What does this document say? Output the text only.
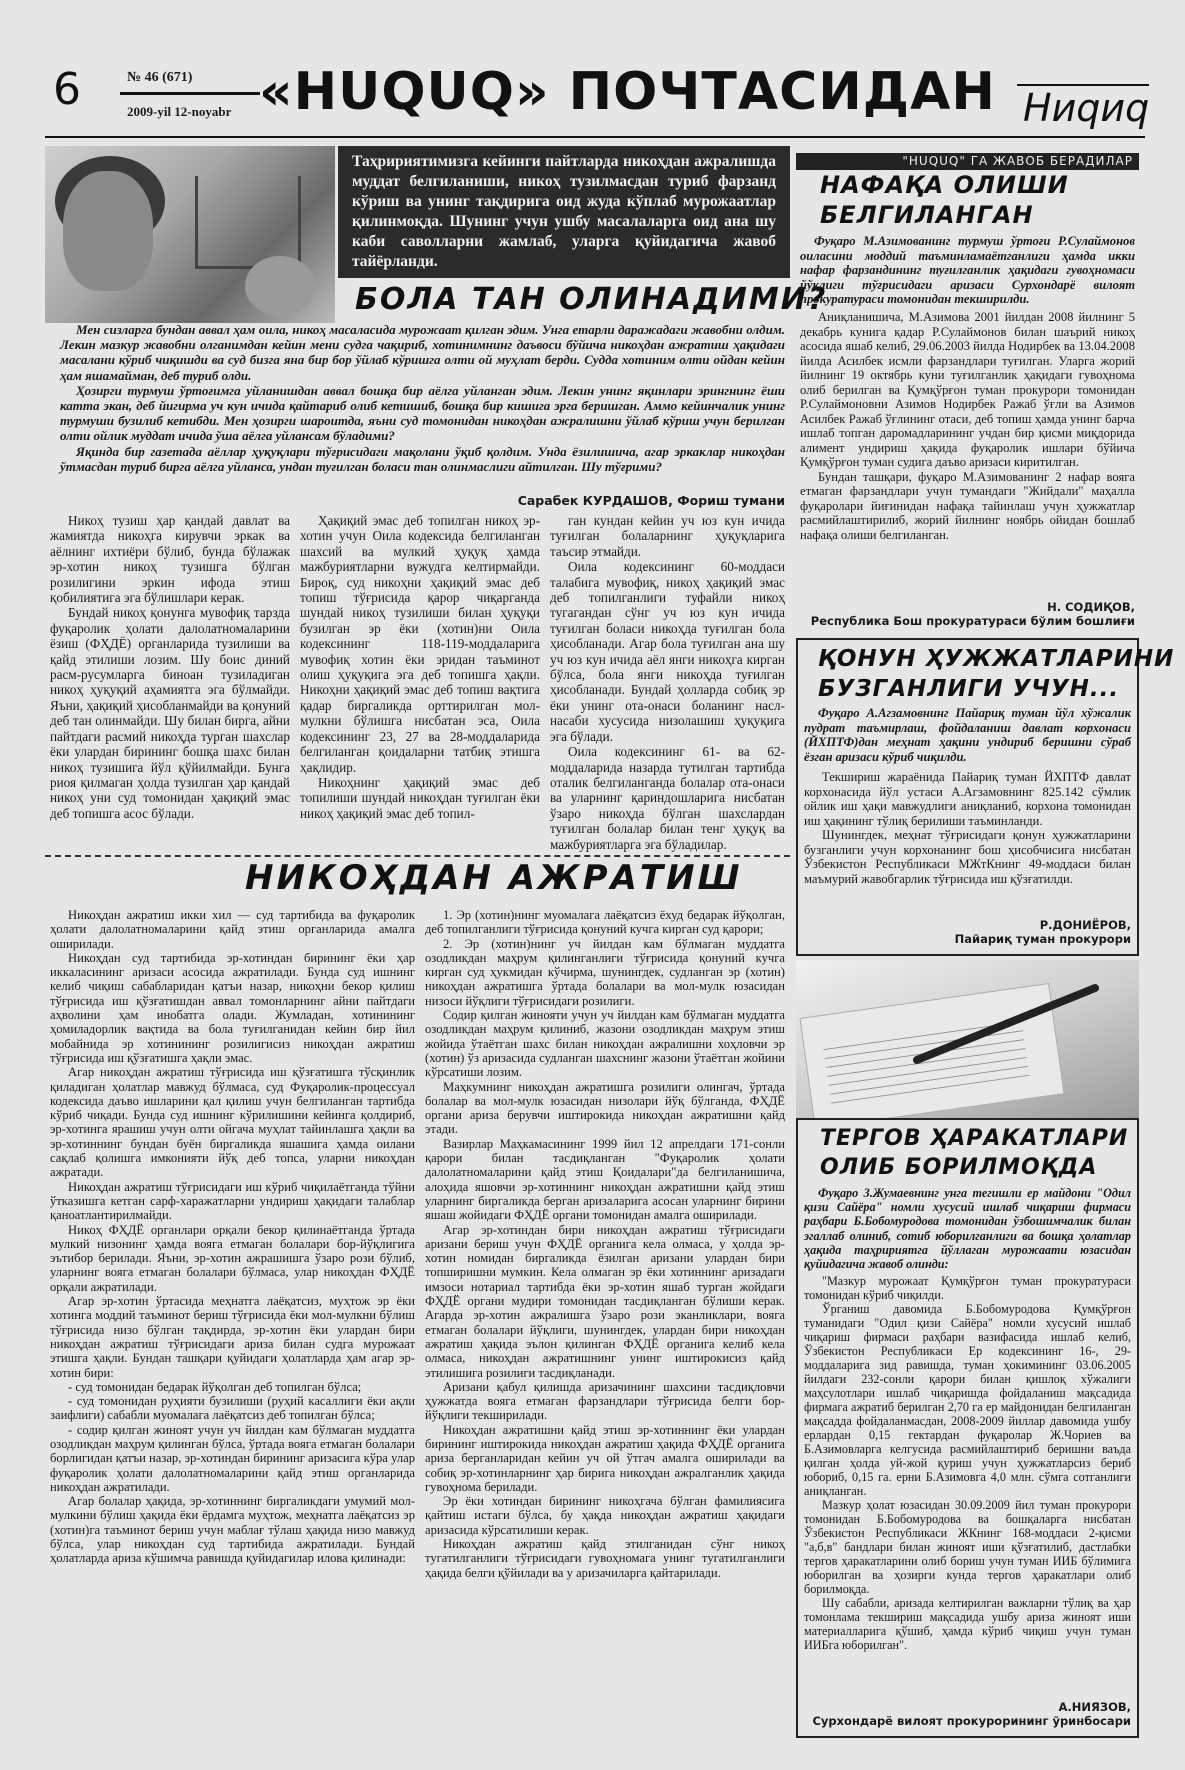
6	№ 46 (671)
2009-yil 12-noyabr «HUQUQ» ПОЧТАСИДАН Ниqиq
Таҳририятимизга кейинги пайтларда никоҳдан ажралишда муддат белгиланиши, никоҳ тузилмасдан туриб фарзанд кўриш ва унинг тақдирига оид жуда кўплаб мурожаатлар қилинмоқда. Шунинг учун ушбу масалаларга оид ана шу каби саволларни жамлаб, уларга қуйидагича жавоб тайёрланди.
БОЛА ТАН ОЛИНАДИМИ?

Мен сизларга бундан аввал ҳам оила, никоҳ масаласида мурожаат қилган эдим. Унга етарли даражадаги жавобни олдим. Лекин мазкур жавобни олганимдан кейин мени судга чақириб, хотинимнинг даъвоси бўйича никоҳдан ажратиш ҳақидаги масалани кўриб чиқишди ва суд бизга яна бир бор ўйлаб кўришга олти ой муҳлат берди. Судда хотиним олти ойдан кейин ҳам яшамайман, деб туриб олди.

Ҳозирги турмуш ўртоғимга уйланишдан аввал бошқа бир аёлга уйланган эдим. Лекин унинг яқинлари эрингнинг ёши катта экан, деб йигирма уч кун ичида қайтариб олиб кетишиб, бошқа бир кишига эрга беришган. Аммо кейинчалик унинг турмуши бузилиб кетибди. Мен ҳозирги шароитда, яъни суд томонидан никоҳдан ажралишни ўйлаб кўриш учун берилган олти ойлик муддат ичида ўша аёлга уйлансам бўладими?

Яқинда бир газетада аёллар ҳуқуқлари тўғрисидаги мақолани ўқиб қолдим. Унда ёзилишича, агар эркаклар никоҳдан ўтмасдан туриб бирга аёлга уйланса, ундан туғилган боласи тан олинмаслиги айтилган. Шу тўғрими?

Сарабек КУРДАШОВ, Фориш тумани

Никоҳ тузиш ҳар қандай давлат ва жамиятда никоҳга кирувчи эркак ва аёлнинг ихтиёри бўлиб, бунда бўлажак эр-хотин никоҳ тузишга бўлган розилигини эркин ифода этиш қобилиятига эга бўлишлари керак.

Бундай никоҳ қонунга мувофиқ тарзда фуқаролик ҳолати далолатномаларини ёзиш (ФҲДЁ) органларида тузилиши ва қайд этилиши лозим. Шу боис диний расм-русумларга биноан тузиладиган никоҳ ҳуқуқий аҳамиятга эга бўлмайди. Яъни, ҳақиқий ҳисобланмайди ва қонуний деб тан олинмайди. Шу билан бирга, айни пайтдаги расмий никоҳда турган шахслар ёки улардан бирининг бошқа шахс билан никоҳ тузишига йўл қўйилмайди. Бунга риоя қилмаган ҳолда тузилган ҳар қандай никоҳ уни суд томонидан ҳақиқий эмас деб топишга асос бўлади.

Ҳақиқий эмас деб топилган никоҳ эр-хотин учун Оила кодексида белгиланган шахсий ва мулкий ҳуқуқ ҳамда мажбуриятларни вужудга келтирмайди. Бироқ, суд никоҳни ҳақиқий эмас деб топиш тўғрисида қарор чиқарганда шундай никоҳ тузилиши билан ҳуқуқи бузилган эр ёки (хотин)ни Оила кодексининг 118-119-моддаларига мувофиқ хотин ёки эридан таъминот олиш ҳуқуқига эга деб топишга ҳақли. Никоҳни ҳақиқий эмас деб топиш вақтига қадар биргаликда орттирилган мол-мулкни бўлишга нисбатан эса, Оила кодексининг 23, 27 ва 28-моддаларида белгиланган қоидаларни татбиқ этишга ҳақлидир.

Никоҳнинг ҳақиқий эмас деб топилиши шундай никоҳдан туғилган ёки никоҳ ҳақиқий эмас деб топил-

ган кундан кейин уч юз кун ичида туғилган болаларнинг ҳуқуқларига таъсир этмайди.

Оила кодексининг 60-моддаси талабига мувофиқ, никоҳ ҳақиқий эмас деб топилганлиги туфайли никоҳ тугагандан сўнг уч юз кун ичида туғилган боласи никоҳда туғилган бола ҳисобланади. Агар бола туғилган ана шу уч юз кун ичида аёл янги никоҳга кирган бўлса, бола янги никоҳда туғилган ҳисобланади. Бундай ҳолларда собиқ эр ёки унинг ота-онаси боланинг насл-насаби хусусида низолашиш ҳуқуқига эга бўлади.

Оила кодексининг 61- ва 62-моддаларида назарда тутилган тартибда оталик белгиланганда болалар ота-онаси ва уларнинг қариндошларига нисбатан ўзаро никоҳда бўлган шахслардан туғилган болалар билан тенг ҳуқуқ ва мажбуриятларга эга бўладилар.

НИКОҲДАН АЖРАТИШ

Никоҳдан ажратиш икки хил — суд тартибида ва фуқаролик ҳолати далолатномаларини қайд этиш органларида амалга оширилади.

Никоҳдан суд тартибида эр-хотиндан бирининг ёки ҳар иккаласининг аризаси асосида ажратилади. Бунда суд ишнинг келиб чиқиш сабабларидан қатъи назар, никоҳни бекор қилиш тўғрисида иш қўзғатишдан аввал томонларнинг айни пайтдаги аҳволини ҳам инобатга олади. Жумладан, хотинининг ҳомиладорлик вақтида ва бола туғилганидан кейин бир йил мобайнида эр хотинининг розилигисиз никоҳдан ажратиш тўғрисида иш қўзғатишга ҳақли эмас.

Агар никоҳдан ажратиш тўғрисида иш қўзғатишга тўсқинлик қиладиган ҳолатлар мавжуд бўлмаса, суд Фуқаролик-процессуал кодексида даъво ишларини қал қилиш учун белгиланган тартибда кўриб чиқади. Бунда суд ишнинг кўрилишини кейинга қолдириб, эр-хотинга ярашиш учун олти ойгача муҳлат тайинлашга ҳақли ва эр-хотиннинг бундан буён биргаликда яшашига ҳамда оилани сақлаб қолишга имконияти йўқ деб топса, уларни никоҳдан ажратади.

Никоҳдан ажратиш тўғрисидаги иш кўриб чиқилаётганда тўйни ўтказишга кетган сарф-харажатларни ундириш ҳақидаги талаблар қаноатлантирилмайди.

Никоҳ ФҲДЁ органлари орқали бекор қилинаётганда ўртада мулкий низонинг ҳамда вояга етмаган болалари бор-йўқлигига эътибор берилади. Яъни, эр-хотин ажрашишга ўзаро рози бўлиб, уларнинг вояга етмаган болалари бўлмаса, улар никоҳдан ФҲДЁ орқали ажратилади.

Агар эр-хотин ўртасида меҳнатга лаёқатсиз, муҳтож эр ёки хотинга моддий таъминот бериш тўғрисида ёки мол-мулкни бўлиш тўғрисида низо бўлган тақдирда, эр-хотин ёки улардан бири никоҳдан ажратиш тўғрисидаги ариза билан судга мурожаат этишга ҳақли. Бундан ташқари қуйидаги ҳолатларда ҳам агар эр-хотин бири:

- суд томонидан бедарак йўқолган деб топилган бўлса;

- суд томонидан руҳияти бузилиши (руҳий касаллиги ёки ақли заифлиги) сабабли муомалага лаёқатсиз деб топилган бўлса;

- содир қилган жиноят учун уч йилдан кам бўлмаган муддатга озодликдан маҳрум қилинган бўлса, ўртада вояга етмаган болалари борлигидан қатъи назар, эр-хотиндан бирининг аризасига кўра улар фуқаролик ҳолати далолатномаларини қайд этиш органларида никоҳдан ажратилади.

Агар болалар ҳақида, эр-хотиннинг биргаликдаги умумий мол-мулкини бўлиш ҳақида ёки ёрдамга муҳтож, меҳнатга лаёқатсиз эр (хотин)га таъминот бериш учун маблағ тўлаш ҳақида низо мавжуд бўлса, улар никоҳдан суд тартибида ажратилади. Бундай ҳолатларда ариза кўшимча равишда қуйидагилар илова қилинади:

1. Эр (хотин)нинг муомалага лаёқатсиз ёхуд бедарак йўқолган, деб топилганлиги тўғрисида қонуний кучга кирган суд қарори;

2. Эр (хотин)нинг уч йилдан кам бўлмаган муддатга озодликдан маҳрум қилинганлиги тўғрисида қонуний кучга кирган суд ҳукмидан кўчирма, шунингдек, судланган эр (хотин) никоҳдан ажратишга ўртада болалари ва мол-мулк юзасидан низоси йўқлиги тўғрисидаги розилиги.

Содир қилган жинояти учун уч йилдан кам бўлмаган муддатга озодликдан маҳрум қилиниб, жазони озодликдан маҳрум этиш жойида ўтаётган шахс билан никоҳдан ажралишни хоҳловчи эр (хотин) ўз аризасида судланган шахснинг жазони ўтаётган жойини кўрсатиши лозим.

Маҳкумнинг никоҳдан ажратишга розилиги олингач, ўртада болалар ва мол-мулк юзасидан низолари йўқ бўлганда, ФҲДЁ органи ариза берувчи иштирокида никоҳдан ажратишни қайд этади.

Вазирлар Маҳкамасининг 1999 йил 12 апрелдаги 171-сонли қарори билан тасдиқланган "Фуқаролик ҳолати далолатномаларини қайд этиш Қоидалари"да белгиланишича, алоҳида яшовчи эр-хотиннинг никоҳдан ажратишни қайд этиш уларнинг биргаликда берган аризаларига асосан уларнинг бирини яшаш жойидаги ФҲДЁ органи томонидан амалга оширилади.

Агар эр-хотиндан бири никоҳдан ажратиш тўғрисидаги аризани бериш учун ФҲДЁ органига кела олмаса, у ҳолда эр-хотин номидан биргаликда ёзилган аризани улардан бири топширишни мумкин. Кела олмаган эр ёки хотиннинг аризадаги имзоси нотариал тартибда ёки эр-хотин яшаб турган жойдаги ФҲДЁ органи мудири томонидан тасдиқланган бўлиши керак. Агарда эр-хотин ажралишга ўзаро рози эканликлари, вояга етмаган болалари йўқлиги, шунингдек, улардан бири никоҳдан ажратиш ҳақида эълон қилинган ФҲДЁ органига келиб кела олмаса, никоҳдан ажратишнинг унинг иштирокисиз қайд этилишига розилиги тасдиқланади.

Аризани қабул қилишда аризачининг шахсини тасдиқловчи ҳужжатда вояга етмаган фарзандлари тўғрисида белги бор-йўқлиги текширилади.

Никоҳдан ажратишни қайд этиш эр-хотиннинг ёки улардан бирининг иштирокида никоҳдан ажратиш ҳақида ФҲДЁ органига ариза берганларидан кейин уч ой ўтгач амалга оширилади ва собиқ эр-хотинларнинг ҳар бирига никоҳдан ажралганлик ҳақида гувоҳнома берилади.

Эр ёки хотиндан бирининг никоҳгача бўлган фамилиясига қайтиш истаги бўлса, бу ҳақда никоҳдан ажратиш ҳақидаги аризасида кўрсатилиши керак.

Никоҳдан ажратиш қайд этилганидан сўнг никоҳ тугатилганлиги тўғрисидаги гувоҳномага унинг тугатилганлиги ҳақида белги қўйилади ва у аризачиларга қайтарилади.

"HUQUQ" ГА ЖАВОБ БЕРАДИЛАР
НАФАҚА ОЛИШИ
БЕЛГИЛАНГАН

Фуқаро М.Азимованинг турмуш ўртоғи Р.Сулаймонов оиласини моддий таъминламаётганлиги ҳамда икки нафар фарзандининг туғилганлик ҳақидаги гувоҳномаси йўқлиги тўғрисидаги аризаси Сурхондарё вилоят прокуратураси томонидан текширилди.

Аниқланишича, М.Азимова 2001 йилдан 2008 йилнинг 5 декабрь кунига қадар Р.Сулаймонов билан шаърий никоҳ асосида яшаб келиб, 29.06.2003 йилда Нодирбек ва 13.04.2008 йилда Асилбек исмли фарзандлари туғилган. Уларга жорий йилнинг 19 октябрь куни туғилганлик ҳақидаги гувоҳнома олиб берилган ва Қумқўрғон туман прокурори томонидан Р.Сулаймоновни Азимов Нодирбек Ражаб ўғли ва Азимов Асилбек Ражаб ўғлининг отаси, деб топиш ҳамда унинг барча ишлаб топган даромадларининг учдан бир қисми миқдорида алимент ундириш ҳақида фуқаролик ишлари бўйича Қумқўрғон туман судига даъво аризаси киритилган.

Бундан ташқари, фуқаро М.Азимованинг 2 нафар вояга етмаган фарзандлари учун тумандаги "Жийдали" маҳалла фуқаролари йиғинидан нафақа тайинлаш учун ҳужжатлар расмийлаштирилиб, жорий йилнинг ноябрь ойидан бошлаб нафақа олиши белгиланган.

Н. СОДИҚОВ,
Республика Бош прокуратураси бўлим бошлиғи
ҚОНУН ҲУЖЖАТЛАРИНИ
БУЗГАНЛИГИ УЧУН...

Фуқаро А.Агзамовнинг Пайариқ туман йўл хўжалик пудрат таъмирлаш, фойдаланиш давлат корхонаси (ЙХПТФ)дан меҳнат ҳақини ундириб беришни сўраб ёзган аризаси кўриб чиқилди.

Текшириш жараёнида Пайариқ туман ЙХПТФ давлат корхонасида йўл устаси А.Агзамовнинг 825.142 сўмлик ойлик иш ҳақи мавжудлиги аниқланиб, корхона томонидан иш ҳақининг тўлиқ берилиши таъминланди.

Шунингдек, меҳнат тўғрисидаги қонун ҳужжатларини бузганлиги учун корхонанинг бош ҳисобчисига нисбатан Ўзбекистон Республикаси МЖтКнинг 49-моддаси билан маъмурий жавобгарлик тўғрисида иш қўзғатилди.

Р.ДОНИЁРОВ,
Пайариқ туман прокурори
ТЕРГОВ ҲАРАКАТЛАРИ
ОЛИБ БОРИЛМОҚДА

Фуқаро З.Жумаевнинг унга тегишли ер майдони "Одил қизи Сайёра" номли хусусий ишлаб чиқариш фирмаси раҳбари Б.Бобомуродова томонидан ўзбошимчалик билан эгаллаб олиниб, сотиб юборилганлиги ва бошқа ҳолатлар ҳақида таҳририятга йўллаган мурожаати юзасидан қуйидагича жавоб олинди:

"Мазкур мурожаат Қумқўрғон туман прокуратураси томонидан кўриб чиқилди.

Ўрганиш давомида Б.Бобомуродова Қумқўрғон туманидаги "Одил қизи Сайёра" номли хусусий ишлаб чиқариш фирмаси раҳбари вазифасида ишлаб келиб, Ўзбекистон Республикаси Ер кодексининг 16-, 29-моддаларига зид равишда, туман ҳокимининг 03.06.2005 йилдаги 232-сонли қарори билан қишлоқ хўжалиги маҳсулотлари ишлаб чиқаришда фойдаланиш мақсадида фирмага ажратиб берилган 2,70 га ер майдонидан белгиланган мақсадда фойдаланмасдан, 2008-2009 йиллар давомида ушбу ерлардан 0,15 гектардан фуқаролар Ж.Чориев ва Б.Азимовларга келгусида расмийлаштириб беришни ваъда қилган ҳолда уй-жой қуриш учун ҳужжатларсиз бериб юбориб, 0,15 га. ерни Б.Азимовга 4,0 млн. сўмга сотганлиги аниқланган.

Мазкур ҳолат юзасидан 30.09.2009 йил туман прокурори томонидан Б.Бобомуродова ва бошқаларга нисбатан Ўзбекистон Республикаси ЖКнинг 168-моддаси 2-қисми "а,б,в" бандлари билан жиноят иши қўзғатилиб, дастлабки тергов ҳаракатларини олиб бориш учун туман ИИБ бўлимига юборилган ва ҳозирги кунда тергов ҳаракатлари олиб борилмоқда.

Шу сабабли, аризада келтирилган важларни тўлиқ ва ҳар томонлама текшириш мақсадида ушбу ариза жиноят иши материалларига қўшиб, ҳамда кўриб чиқиш учун туман ИИБга юборилган".

А.НИЯЗОВ,
Сурхондарё вилоят прокурорининг ўринбосари
